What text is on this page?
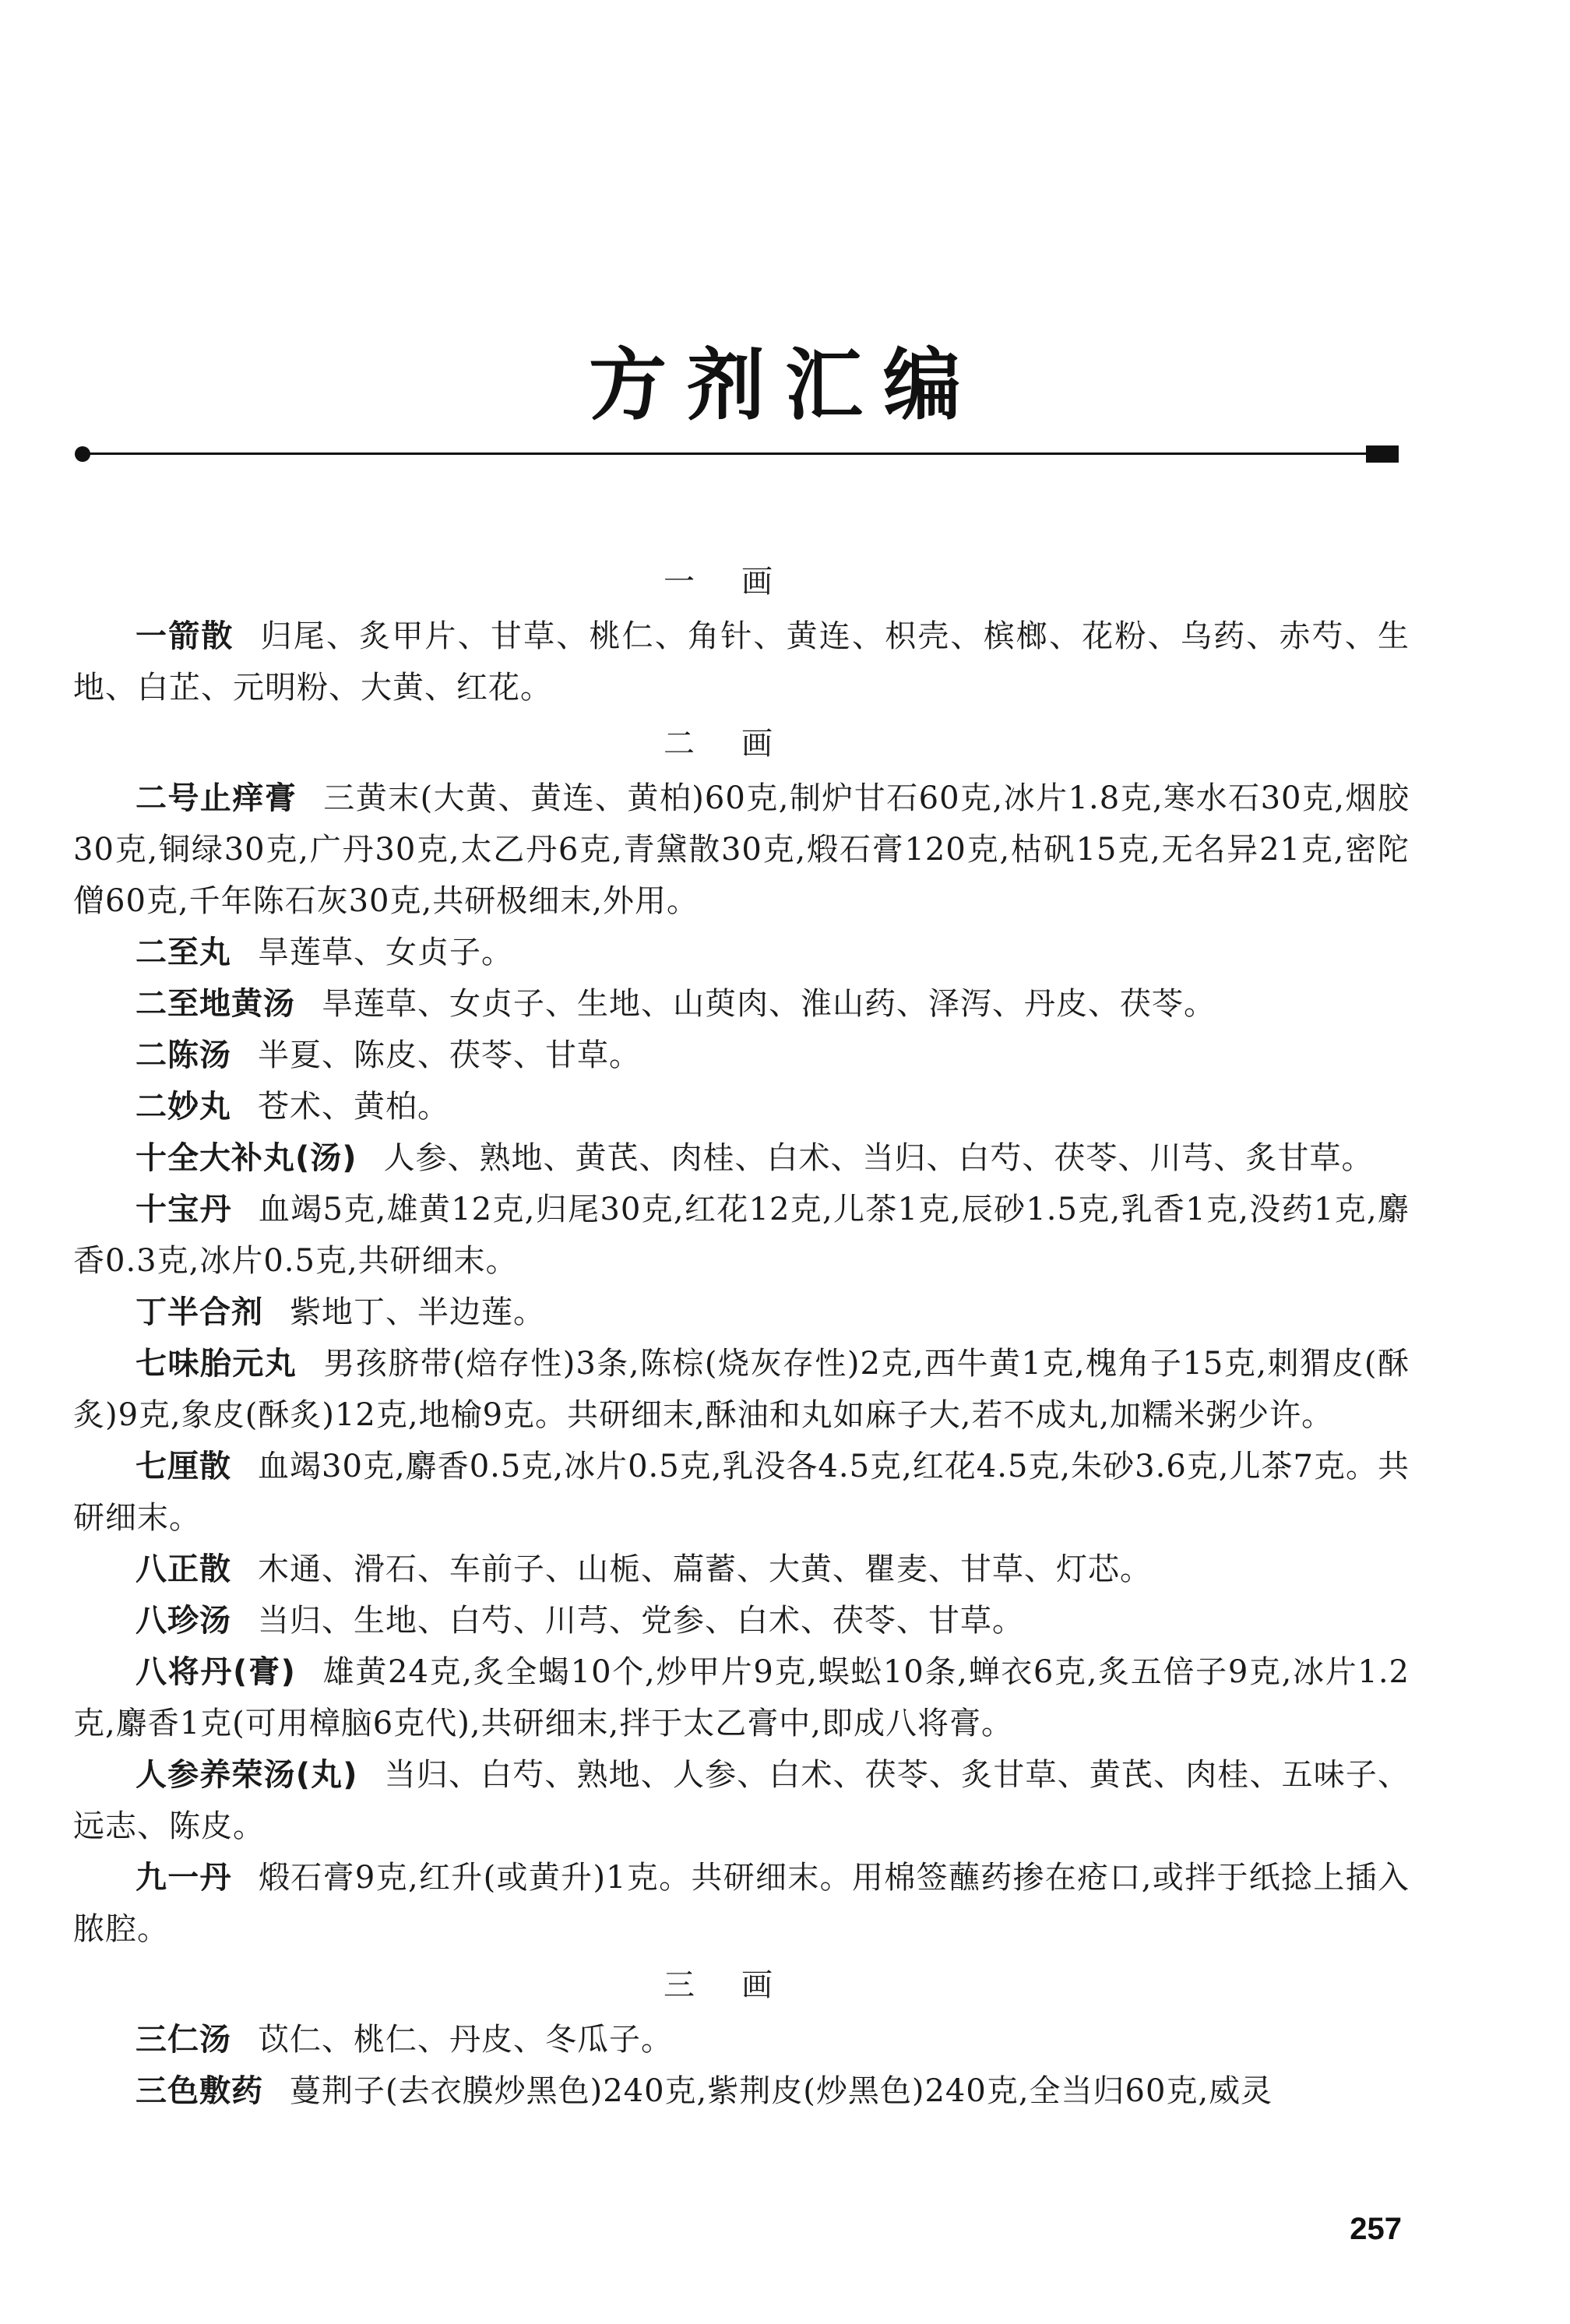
方剂汇编
一画

一箭散 归尾、炙甲片、甘草、桃仁、角针、黄连、枳壳、槟榔、花粉、乌药、赤芍、生地、白芷、元明粉、大黄、红花。

二画

二号止痒膏 三黄末(大黄、黄连、黄柏)60克,制炉甘石60克,冰片1.8克,寒水石30克,烟胶30克,铜绿30克,广丹30克,太乙丹6克,青黛散30克,煅石膏120克,枯矾15克,无名异21克,密陀僧60克,千年陈石灰30克,共研极细末,外用。

二至丸 旱莲草、女贞子。

二至地黄汤 旱莲草、女贞子、生地、山萸肉、淮山药、泽泻、丹皮、茯苓。

二陈汤 半夏、陈皮、茯苓、甘草。

二妙丸 苍术、黄柏。

十全大补丸(汤) 人参、熟地、黄芪、肉桂、白术、当归、白芍、茯苓、川芎、炙甘草。

十宝丹 血竭5克,雄黄12克,归尾30克,红花12克,儿茶1克,辰砂1.5克,乳香1克,没药1克,麝香0.3克,冰片0.5克,共研细末。

丁半合剂 紫地丁、半边莲。

七味胎元丸 男孩脐带(焙存性)3条,陈棕(烧灰存性)2克,西牛黄1克,槐角子15克,刺猬皮(酥炙)9克,象皮(酥炙)12克,地榆9克。共研细末,酥油和丸如麻子大,若不成丸,加糯米粥少许。

七厘散 血竭30克,麝香0.5克,冰片0.5克,乳没各4.5克,红花4.5克,朱砂3.6克,儿茶7克。共研细末。

八正散 木通、滑石、车前子、山栀、萹蓄、大黄、瞿麦、甘草、灯芯。

八珍汤 当归、生地、白芍、川芎、党参、白术、茯苓、甘草。

八将丹(膏) 雄黄24克,炙全蝎10个,炒甲片9克,蜈蚣10条,蝉衣6克,炙五倍子9克,冰片1.2克,麝香1克(可用樟脑6克代),共研细末,拌于太乙膏中,即成八将膏。

人参养荣汤(丸) 当归、白芍、熟地、人参、白术、茯苓、炙甘草、黄芪、肉桂、五味子、远志、陈皮。

九一丹 煅石膏9克,红升(或黄升)1克。共研细末。用棉签蘸药掺在疮口,或拌于纸捻上插入脓腔。

三画

三仁汤 苡仁、桃仁、丹皮、冬瓜子。

三色敷药 蔓荆子(去衣膜炒黑色)240克,紫荆皮(炒黑色)240克,全当归60克,威灵

257
